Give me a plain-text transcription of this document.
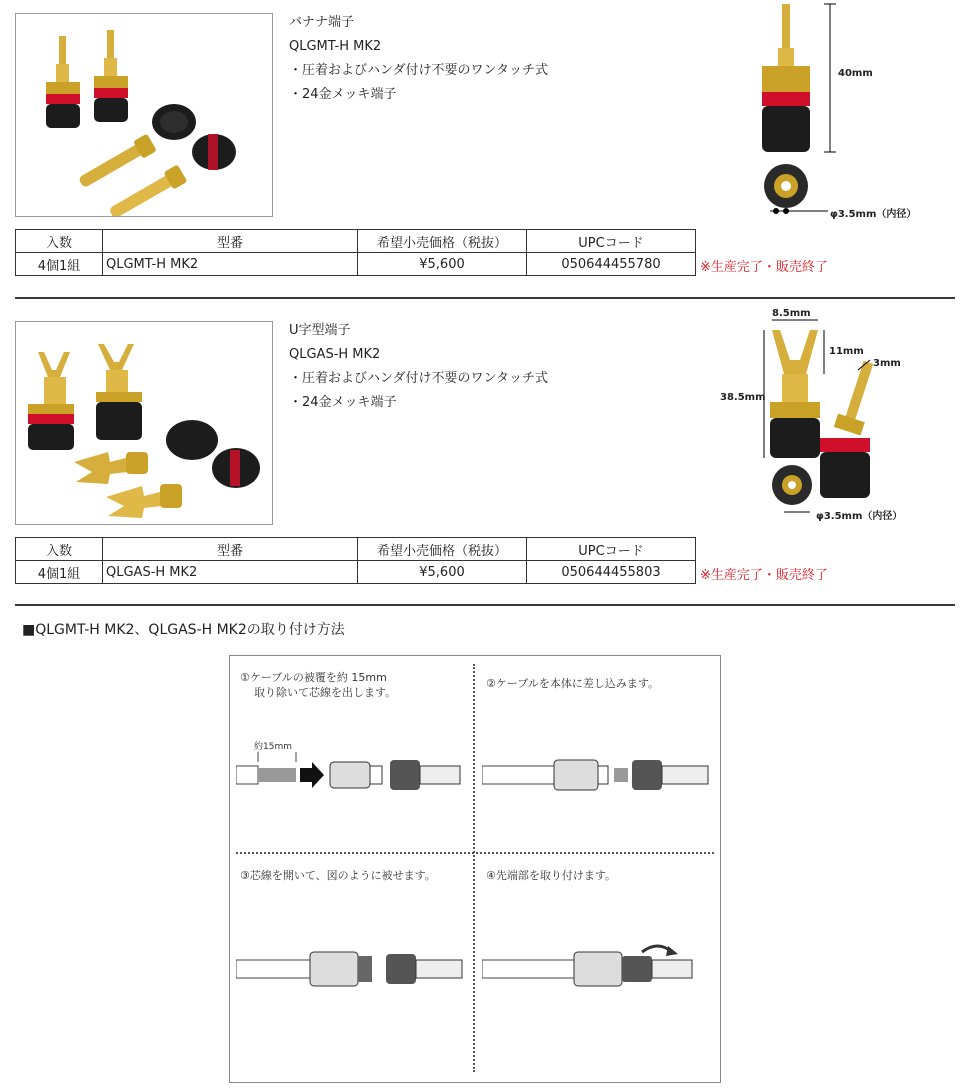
バナナ端子
QLGMT-H MK2
・圧着およびハンダ付け不要のワンタッチ式
・24金メッキ端子
40mm
φ3.5mm（内径）
入数	型番	希望小売価格（税抜）	UPCコード
4個1組	QLGMT-H MK2	¥5,600	050644455780	※生産完了・販売終了
U字型端子
QLGAS-H MK2
・圧着およびハンダ付け不要のワンタッチ式
・24金メッキ端子
8.5mm
11mm
3mm
38.5mm
φ3.5mm（内径）
入数	型番	希望小売価格（税抜）	UPCコード
4個1組	QLGAS-H MK2	¥5,600	050644455803	※生産完了・販売終了
■QLGMT-H MK2、QLGAS-H MK2の取り付け方法
①ケーブルの被覆を約 15mm
取り除いて芯線を出します。
約15mm
②ケーブルを本体に差し込みます。
③芯線を開いて、図のように被せます。	④先端部を取り付けます。
